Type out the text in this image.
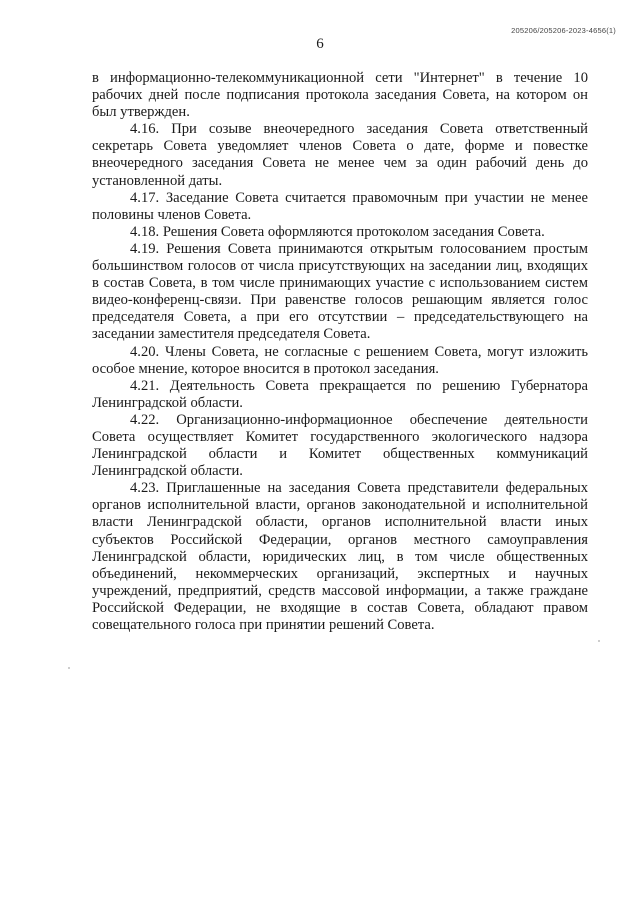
205206/205206-2023-4656(1)
6

в информационно-телекоммуникационной сети "Интернет" в течение 10 рабочих дней после подписания протокола заседания Совета, на котором он был утвержден.

4.16. При созыве внеочередного заседания Совета ответственный секретарь Совета уведомляет членов Совета о дате, форме и повестке внеочередного заседания Совета не менее чем за один рабочий день до установленной даты.

4.17. Заседание Совета считается правомочным при участии не менее половины членов Совета.

4.18. Решения Совета оформляются протоколом заседания Совета.

4.19. Решения Совета принимаются открытым голосованием простым большинством голосов от числа присутствующих на заседании лиц, входящих в состав Совета, в том числе принимающих участие с использованием систем видео-конференц-связи. При равенстве голосов решающим является голос председателя Совета, а при его отсутствии – председательствующего на заседании заместителя председателя Совета.

4.20. Члены Совета, не согласные с решением Совета, могут изложить особое мнение, которое вносится в протокол заседания.

4.21. Деятельность Совета прекращается по решению Губернатора Ленинградской области.

4.22. Организационно-информационное обеспечение деятельности Совета осуществляет Комитет государственного экологического надзора Ленинградской области и Комитет общественных коммуникаций Ленинградской области.

4.23. Приглашенные на заседания Совета представители федеральных органов исполнительной власти, органов законодательной и исполнительной власти Ленинградской области, органов исполнительной власти иных субъектов Российской Федерации, органов местного самоуправления Ленинградской области, юридических лиц, в том числе общественных объединений, некоммерческих организаций, экспертных и научных учреждений, предприятий, средств массовой информации, а также граждане Российской Федерации, не входящие в состав Совета, обладают правом совещательного голоса при принятии решений Совета.
